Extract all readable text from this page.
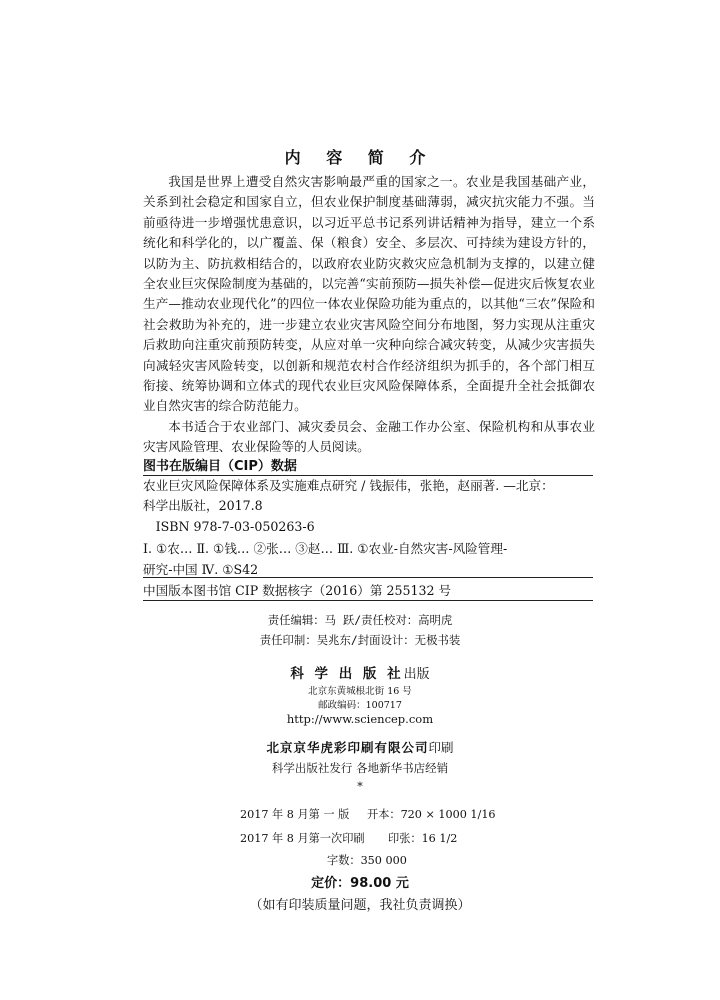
内 容 简 介

我国是世界上遭受自然灾害影响最严重的国家之一。农业是我国基础产业，关系到社会稳定和国家自立，但农业保护制度基础薄弱，减灾抗灾能力不强。当前亟待进一步增强忧患意识，以习近平总书记系列讲话精神为指导，建立一个系统化和科学化的，以广覆盖、保（粮食）安全、多层次、可持续为建设方针的，以防为主、防抗救相结合的，以政府农业防灾救灾应急机制为支撑的，以建立健全农业巨灾保险制度为基础的，以完善“实前预防—损失补偿—促进灾后恢复农业生产—推动农业现代化”的四位一体农业保险功能为重点的，以其他“三农”保险和社会救助为补充的，进一步建立农业灾害风险空间分布地图，努力实现从注重灾后救助向注重灾前预防转变，从应对单一灾种向综合减灾转变，从减少灾害损失向减轻灾害风险转变，以创新和规范农村合作经济组织为抓手的，各个部门相互衔接、统筹协调和立体式的现代农业巨灾风险保障体系，全面提升全社会抵御农业自然灾害的综合防范能力。

本书适合于农业部门、减灾委员会、金融工作办公室、保险机构和从事农业灾害风险管理、农业保险等的人员阅读。

图书在版编目（CIP）数据
农业巨灾风险保障体系及实施难点研究 / 钱振伟，张艳，赵丽著. —北京：
科学出版社，2017.8
ISBN 978-7-03-050263-6
Ⅰ. ①农… Ⅱ. ①钱… ②张… ③赵… Ⅲ. ①农业-自然灾害-风险管理-
研究-中国 Ⅳ. ①S42
中国版本图书馆 CIP 数据核字（2016）第 255132 号
责任编辑：马 跃/责任校对：高明虎
责任印制：吴兆东/封面设计：无极书装
科 学 出 版 社出版
北京东黄城根北街 16 号
邮政编码：100717
http://www.sciencep.com
北京京华虎彩印刷有限公司印刷
科学出版社发行 各地新华书店经销
*
2017 年 8 月第 一 版 开本：720 × 1000 1/16
2017 年 8 月第一次印刷 印张：16 1/2
字数：350 000
定价：98.00 元
（如有印装质量问题，我社负责调换）
